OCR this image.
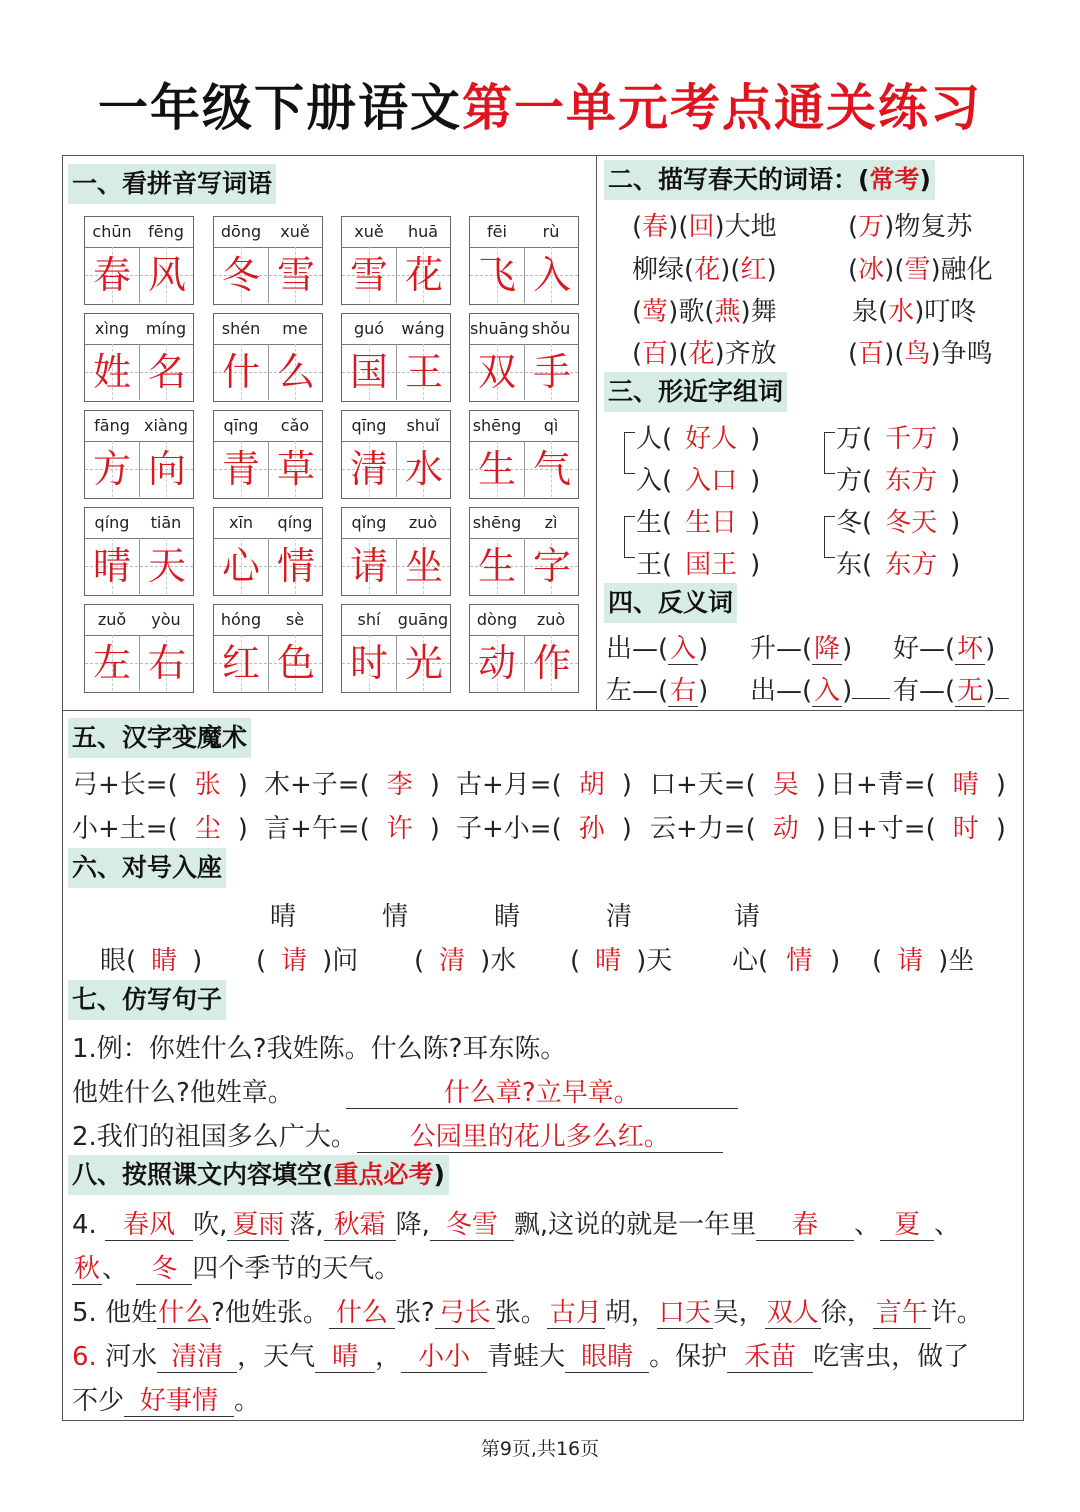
一年级下册语文第一单元考点通关练习
一、看拼音写词语
chūn	fēng
春 风
dōng	xuě
冬 雪
xuě	huā
雪 花
fēi	rù
飞 入
xìng	míng
姓 名
shén	me
什 么
guó	wáng
国 王
shuāng shǒu
双 手
fāng xiàng
方 向
qīng	cǎo
青 草
qīng	shuǐ
清 水
shēng	qì
生 气
qíng	tiān
晴 天
xīn	qíng
心 情
qǐng	zuò
请 坐
shēng	zì
生 字
zuǒ	yòu
左 右
hóng	sè
红 色
shí	guāng
时 光
dòng	zuò
动 作
二、描写春天的词语：(常考)
(春)(回)大地	(万)物复苏
柳绿(花)(红)	(冰)(雪)融化
(莺)歌(燕)舞	泉(水)叮咚
(百)(花)齐放	(百)(鸟)争鸣
三、形近字组词
人( 好人 )
入( 入口 )
万( 千万 )
方( 东方 )
生( 生日 )
王( 国王 )
冬( 冬天 )
东( 东方 )
四、反义词
出—(入) 升—(降) 好—(坏)
左—(右) 出—(入)	有—(无)
五、汉字变魔术
弓+长=( 张 ) 木+子=( 李 ) 古+月=( 胡 ) 口+天=( 吴 ) 日+青=( 晴 )
小+土=( 尘 ) 言+午=( 许 ) 子+小=( 孙 ) 云+力=( 动 ) 日+寸=( 时 )
六、对号入座
晴	情	睛	清	请
眼( 睛 ) ( 请 )问 ( 清 )水 ( 晴 )天 心( 情 ) ( 请 )坐
七、仿写句子
1.例：你姓什么?我姓陈。什么陈?耳东陈。
他姓什么?他姓章。	什么章?立早章。
2.我们的祖国多么广大。 公园里的花儿多么红。
八、按照课文内容填空(重点必考)
4. 春风 吹, 夏雨 落, 秋霜 降, 冬雪 飘,这说的就是一年里 春 、 夏 、
秋、 冬 四个季节的天气。
5. 他姓什么?他姓张。 什么 张? 弓长 张。 古月 胡，口天吴，双人徐， 言午 许。
6. 河水 清清 ，天气 晴 ， 小小 青蛙大 眼睛 。保护 禾苗 吃害虫，做了
不少 好事情 。
第9页,共16页
